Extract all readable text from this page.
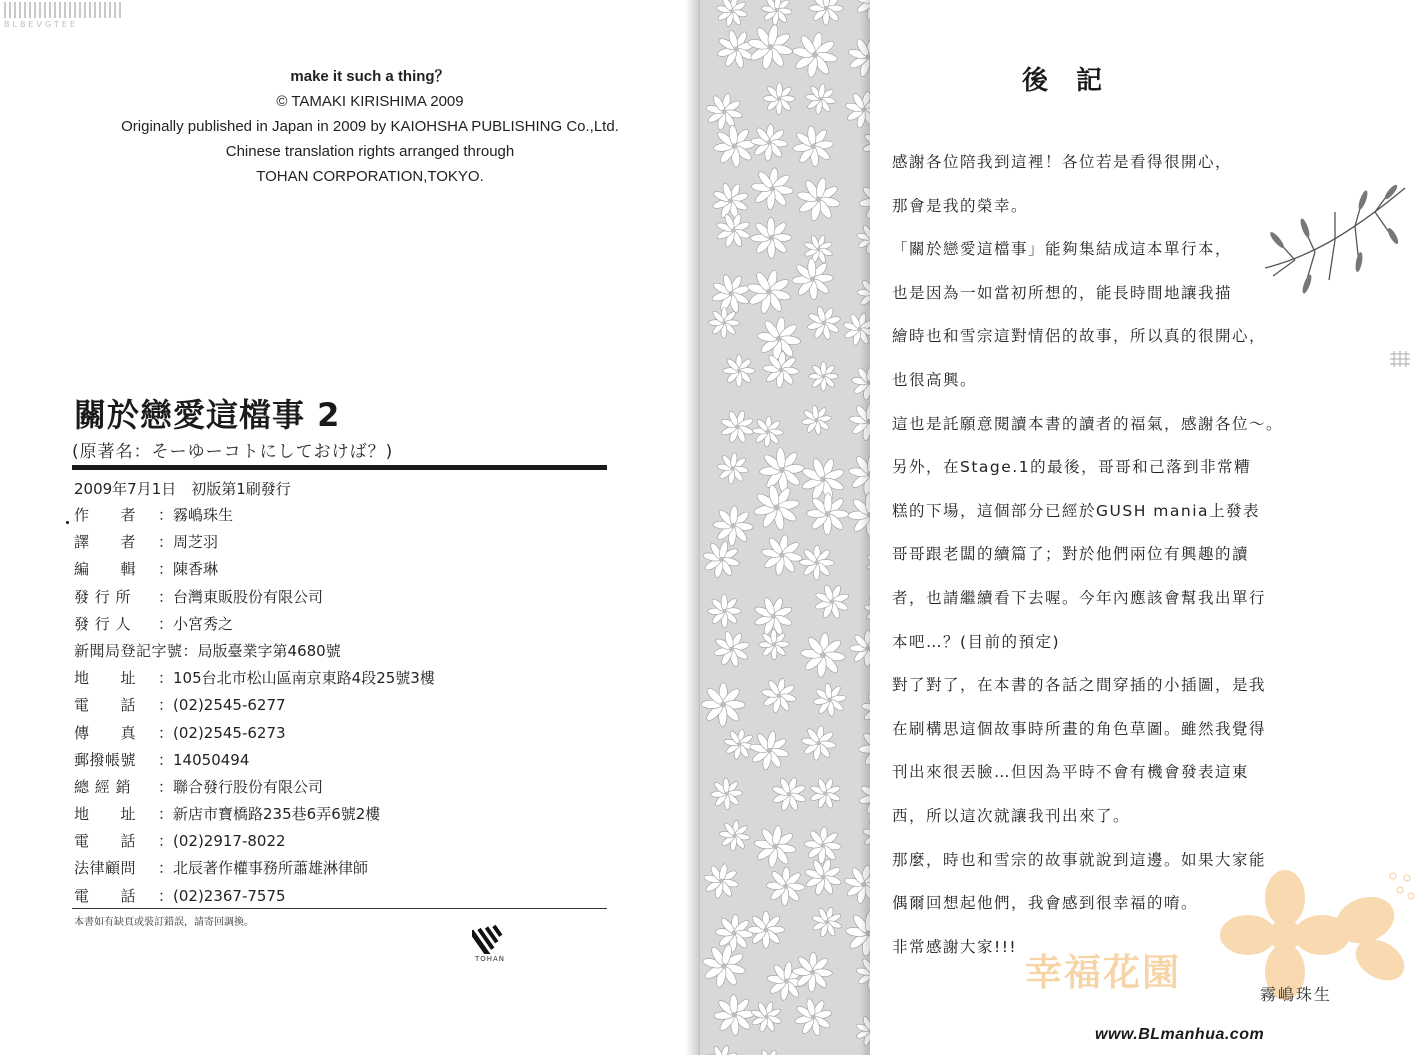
BLBEVGTEE
make it such a thing？
© TAMAKI KIRISHIMA 2009
Originally published in Japan in 2009 by KAIOHSHA PUBLISHING Co.,Ltd.
Chinese translation rights arranged through
TOHAN CORPORATION,TOKYO.
關於戀愛這檔事 2
(原著名：そーゆーコトにしておけば？)
2009年7月1日　初版第1刷發行
作　　者	： 霧嶋珠生
譯　　者	： 周芝羽
編　　輯	： 陳香琳
發 行 所	： 台灣東販股份有限公司
發 行 人	： 小宮秀之
新聞局登記字號 ： 局版臺業字第4680號
地　　址	： 105台北市松山區南京東路4段25號3樓
電　　話	： (02)2545-6277
傳　　真	： (02)2545-6273
郵撥帳號	： 14050494
總 經 銷	： 聯合發行股份有限公司
地　　址	： 新店市寶橋路235巷6弄6號2樓
電　　話	： (02)2917-8022
法律顧問	： 北辰著作權事務所蕭雄淋律師
電　　話	： (02)2367-7575
本書如有缺頁或裝訂錯誤，請寄回調換。
TOHAN
後記
感謝各位陪我到這裡！各位若是看得很開心，
那會是我的榮幸。
「關於戀愛這檔事」能夠集結成這本單行本，
也是因為一如當初所想的，能長時間地讓我描
繪時也和雪宗這對情侶的故事，所以真的很開心，
也很高興。
這也是託願意閱讀本書的讀者的福氣，感謝各位～。
另外，在Stage.1的最後，哥哥和己落到非常糟
糕的下場，這個部分已經於GUSH mania上發表
哥哥跟老闆的續篇了；對於他們兩位有興趣的讀
者，也請繼續看下去喔。今年內應該會幫我出單行
本吧…？(目前的預定)
對了對了，在本書的各話之間穿插的小插圖，是我
在刷構思這個故事時所畫的角色草圖。雖然我覺得
刊出來很丟臉…但因為平時不會有機會發表這東
西，所以這次就讓我刊出來了。
那麼，時也和雪宗的故事就說到這邊。如果大家能
偶爾回想起他們，我會感到很幸福的唷。
非常感謝大家!!!
幸福花園
霧嶋珠生
www.BLmanhua.com
